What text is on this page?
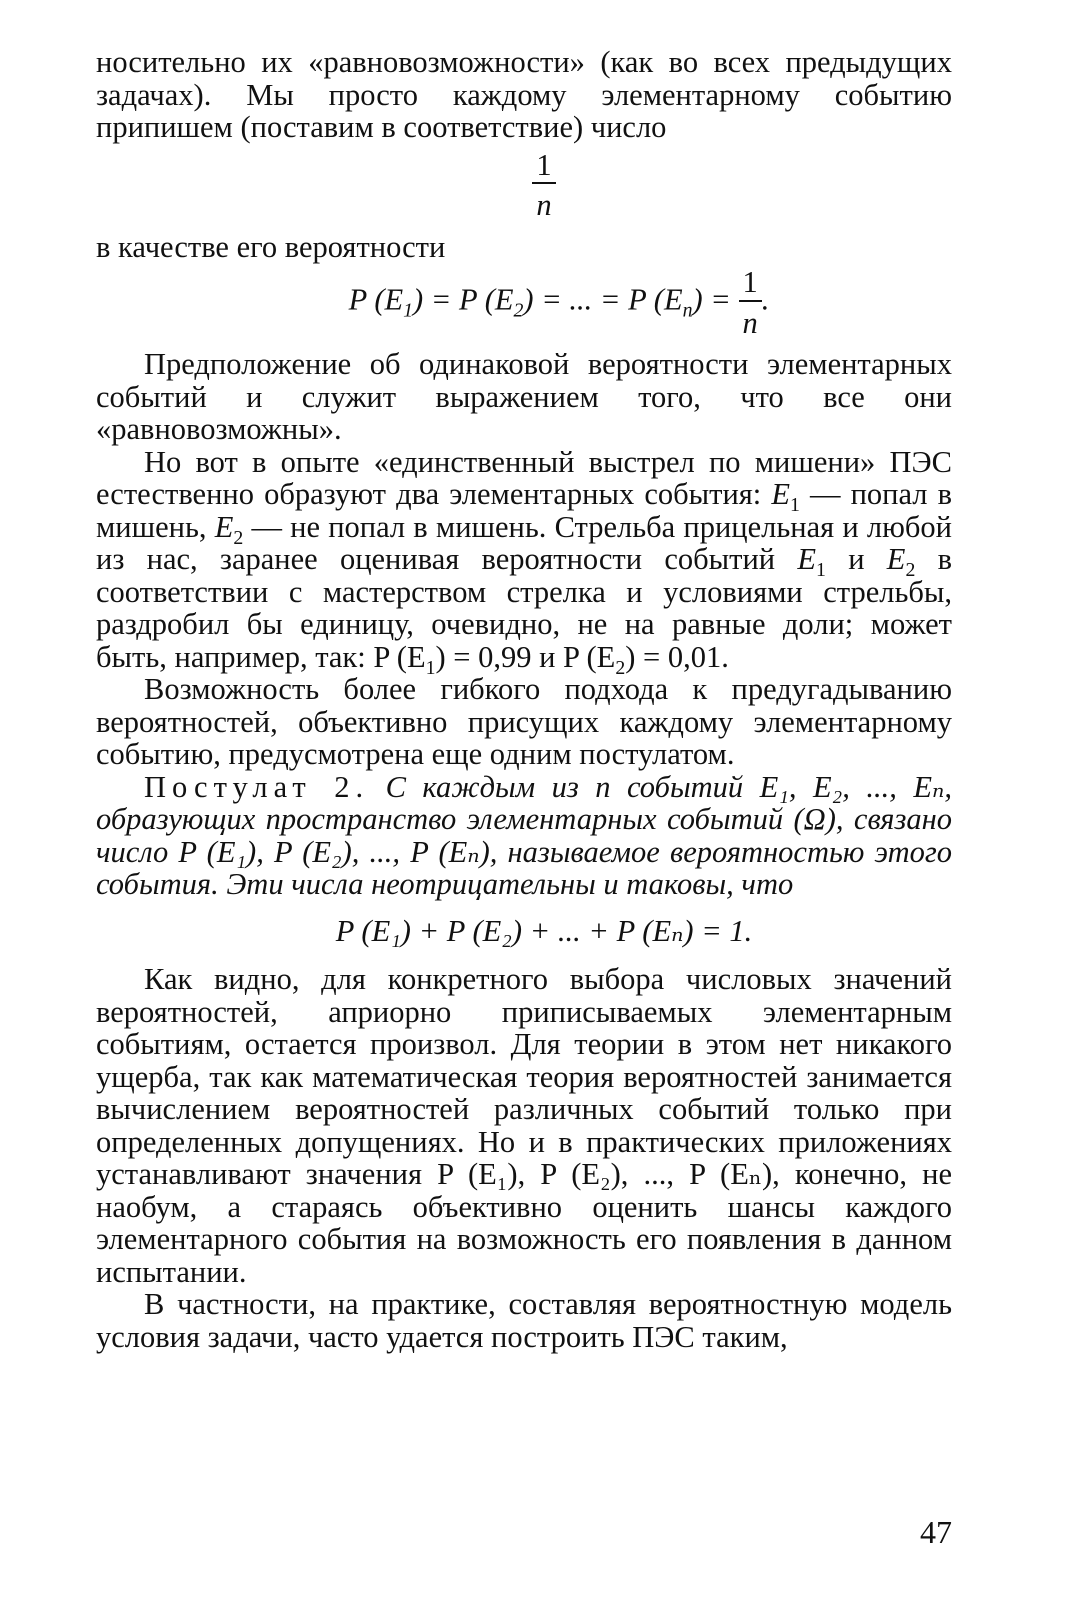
носительно их «равновозможности» (как во всех предыдущих задачах). Мы просто каждому элементарному событию припишем (поставим в соответствие) число

$\frac{1}{n}$

в качестве его вероятности

P $(E_1) = P$ $(E_2)$ = ... = P $(E_n) = \frac{1}{n}$ .

Предположение об одинаковой вероятности элементарных событий и служит выражением того, что все они «равновозможны».

Но вот в опыте «единственный выстрел по мишени» ПЭС естественно образуют два элементарных события: $E_1$ — попал в мишень, $E_2$ — не попал в мишень. Стрельба прицельная и любой из нас, заранее оценивая вероятности событий $E_1$ и $E_2$ в соответствии с мастерством стрелка и условиями стрельбы, раздробил бы единицу, очевидно, не на равные доли; может быть, например, так: P $(E_1) = 0,99$ и P $(E_2) = 0,01$.

Возможность более гибкого подхода к предугадыванию вероятностей, объективно присущих каждому элементарному событию, предусмотрена еще одним постулатом.

Постулат 2. С каждым из n событий E₁, E₂, ..., Eₙ, образующих пространство элементарных событий (Ω), связано число P (E₁), P (E₂), ..., P (Eₙ), называемое вероятностью этого события. Эти числа неотрицательны и таковы, что

P (E₁) + P (E₂) + ... + P (Eₙ) = 1.

Как видно, для конкретного выбора числовых значений вероятностей, априорно приписываемых элементарным событиям, остается произвол. Для теории в этом нет никакого ущерба, так как математическая теория вероятностей занимается вычислением вероятностей различных событий только при определенных допущениях. Но и в практических приложениях устанавливают значения P (E₁), P (E₂), ..., P (Eₙ), конечно, не наобум, а стараясь объективно оценить шансы каждого элементарного события на возможность его появления в данном испытании.

В частности, на практике, составляя вероятностную модель условия задачи, часто удается построить ПЭС таким,

47
